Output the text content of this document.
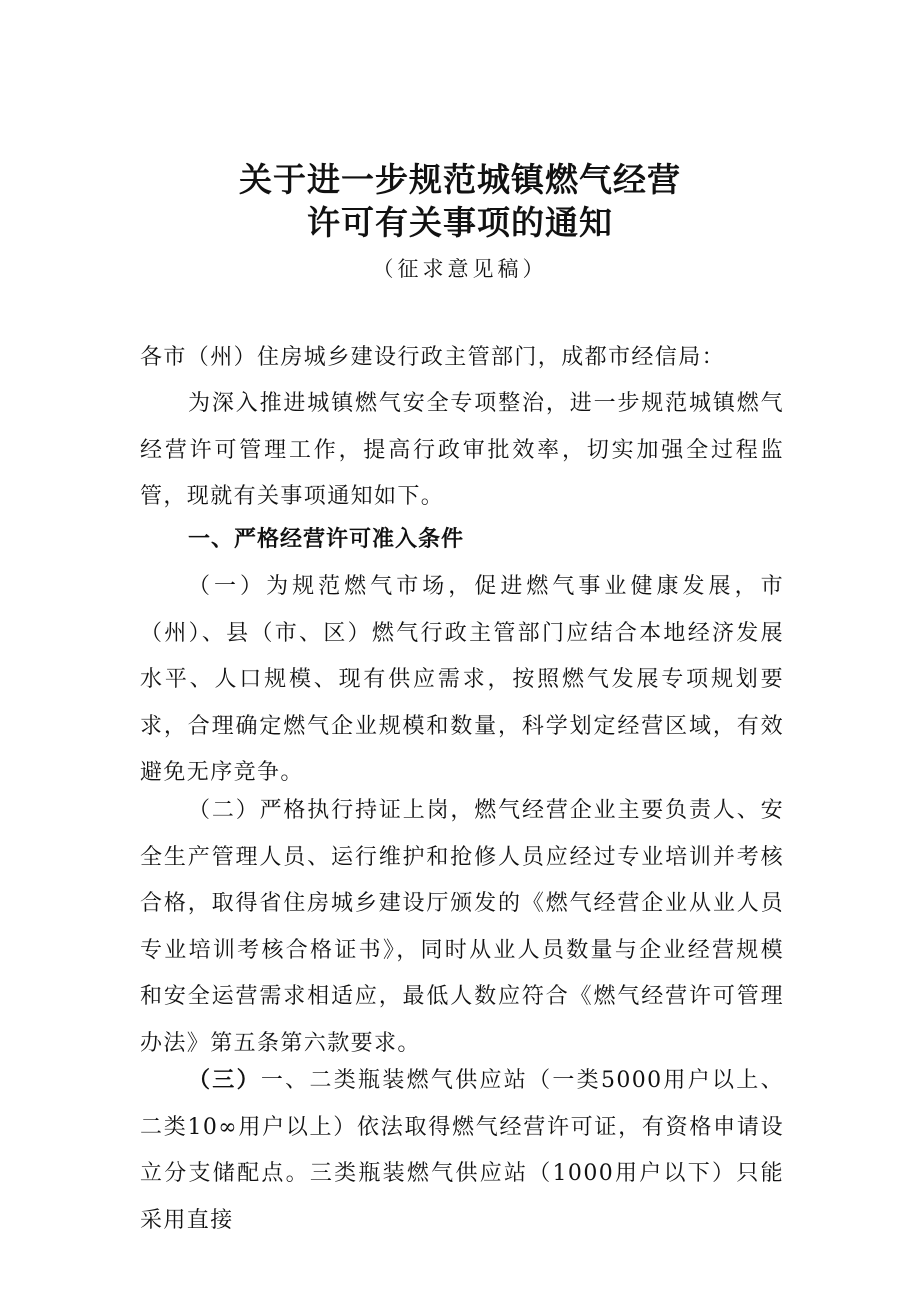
关于进一步规范城镇燃气经营
许可有关事项的通知
（征求意见稿）

各市（州）住房城乡建设行政主管部门，成都市经信局：

为深入推进城镇燃气安全专项整治，进一步规范城镇燃气经营许可管理工作，提高行政审批效率，切实加强全过程监管，现就有关事项通知如下。

一、严格经营许可准入条件

（一）为规范燃气市场，促进燃气事业健康发展，市（州）、县（市、区）燃气行政主管部门应结合本地经济发展水平、人口规模、现有供应需求，按照燃气发展专项规划要求，合理确定燃气企业规模和数量，科学划定经营区域，有效避免无序竞争。

（二）严格执行持证上岗，燃气经营企业主要负责人、安全生产管理人员、运行维护和抢修人员应经过专业培训并考核合格，取得省住房城乡建设厅颁发的《燃气经营企业从业人员专业培训考核合格证书》，同时从业人员数量与企业经营规模和安全运营需求相适应，最低人数应符合《燃气经营许可管理办法》第五条第六款要求。

（三）一、二类瓶装燃气供应站（一类5000用户以上、二类10∞用户以上）依法取得燃气经营许可证，有资格申请设立分支储配点。三类瓶装燃气供应站（1000用户以下）只能采用直接
